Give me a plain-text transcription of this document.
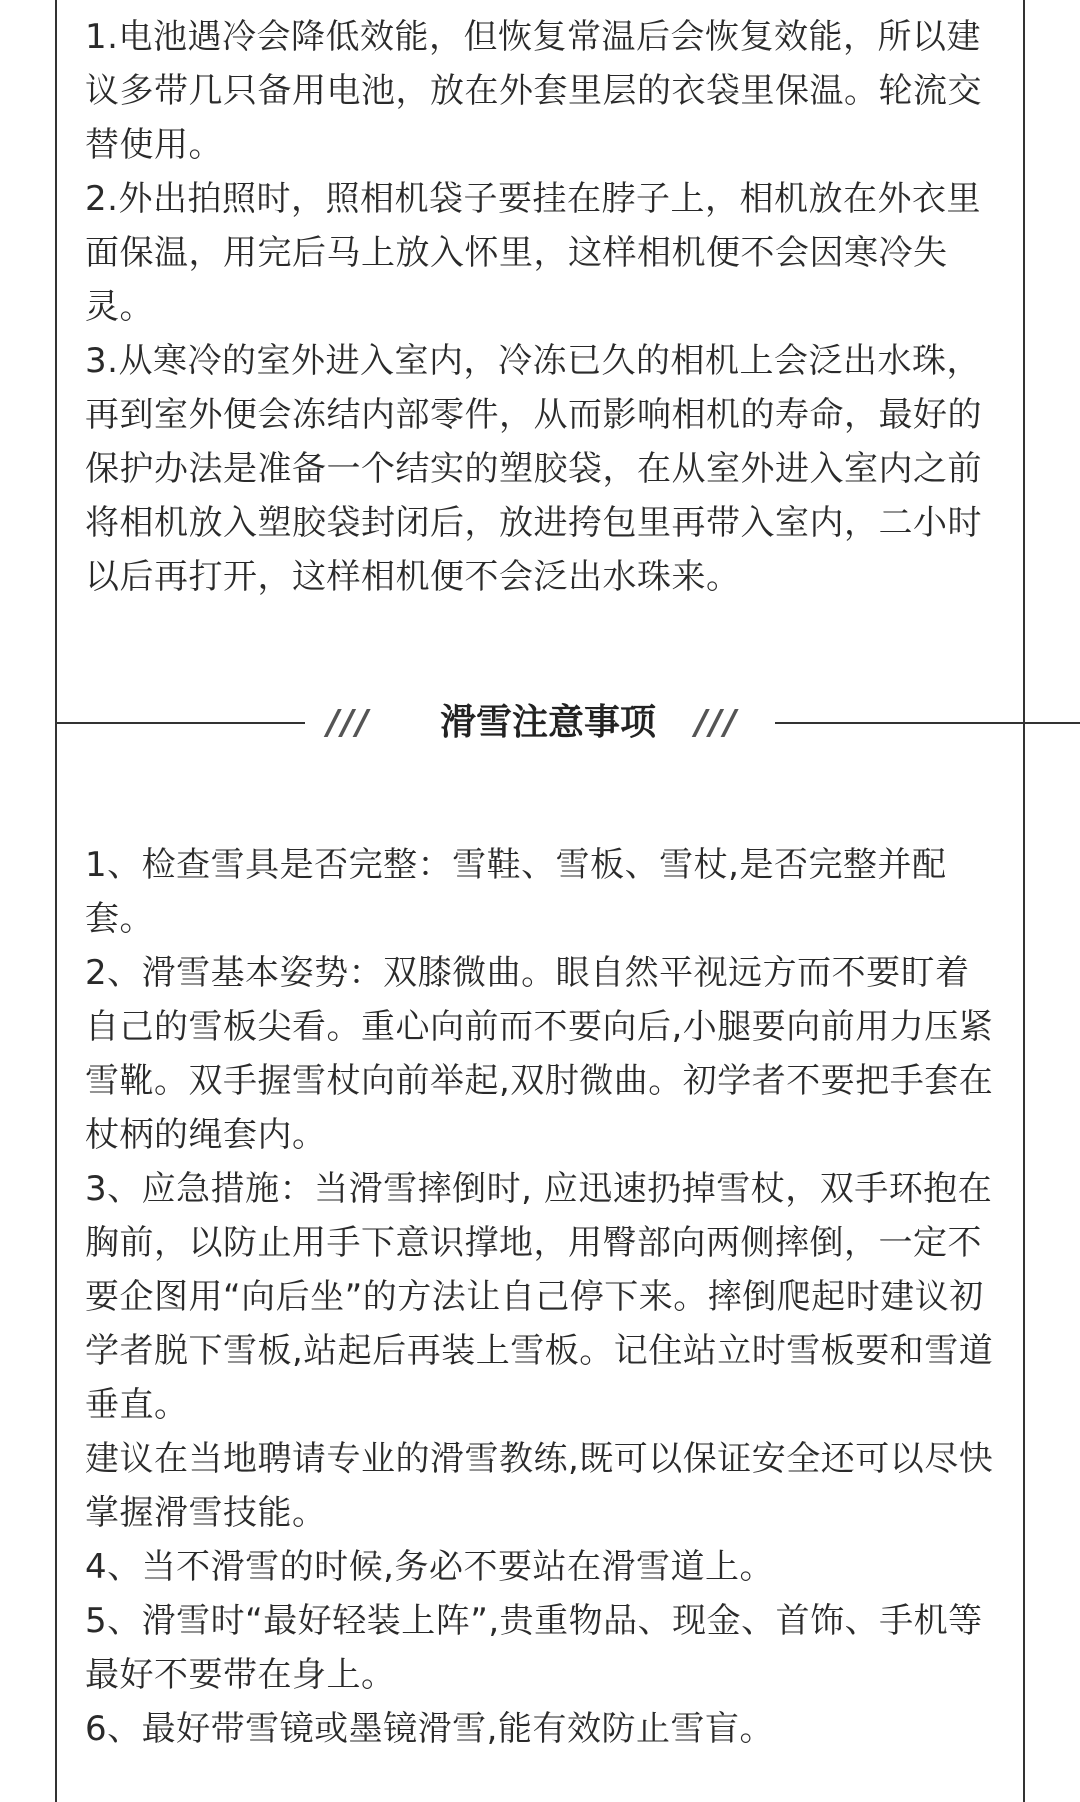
1.电池遇冷会降低效能，但恢复常温后会恢复效能，所以建议多带几只备用电池，放在外套里层的衣袋里保温。轮流交替使用。

2.外出拍照时，照相机袋子要挂在脖子上，相机放在外衣里面保温，用完后马上放入怀里，这样相机便不会因寒冷失灵。

3.从寒冷的室外进入室内，冷冻已久的相机上会泛出水珠，再到室外便会冻结内部零件，从而影响相机的寿命，最好的保护办法是准备一个结实的塑胶袋，在从室外进入室内之前将相机放入塑胶袋封闭后，放进挎包里再带入室内，二小时以后再打开，这样相机便不会泛出水珠来。

///	滑雪注意事项	///

1、检查雪具是否完整：雪鞋、雪板、雪杖,是否完整并配套。

2、滑雪基本姿势：双膝微曲。眼自然平视远方而不要盯着自己的雪板尖看。重心向前而不要向后,小腿要向前用力压紧雪靴。双手握雪杖向前举起,双肘微曲。初学者不要把手套在杖柄的绳套内。

3、应急措施：当滑雪摔倒时, 应迅速扔掉雪杖，双手环抱在胸前，以防止用手下意识撑地，用臀部向两侧摔倒，一定不要企图用“向后坐”的方法让自己停下来。摔倒爬起时建议初学者脱下雪板,站起后再装上雪板。记住站立时雪板要和雪道垂直。

建议在当地聘请专业的滑雪教练,既可以保证安全还可以尽快掌握滑雪技能。

4、当不滑雪的时候,务必不要站在滑雪道上。

5、滑雪时“最好轻装上阵”,贵重物品、现金、首饰、手机等最好不要带在身上。

6、最好带雪镜或墨镜滑雪,能有效防止雪盲。
